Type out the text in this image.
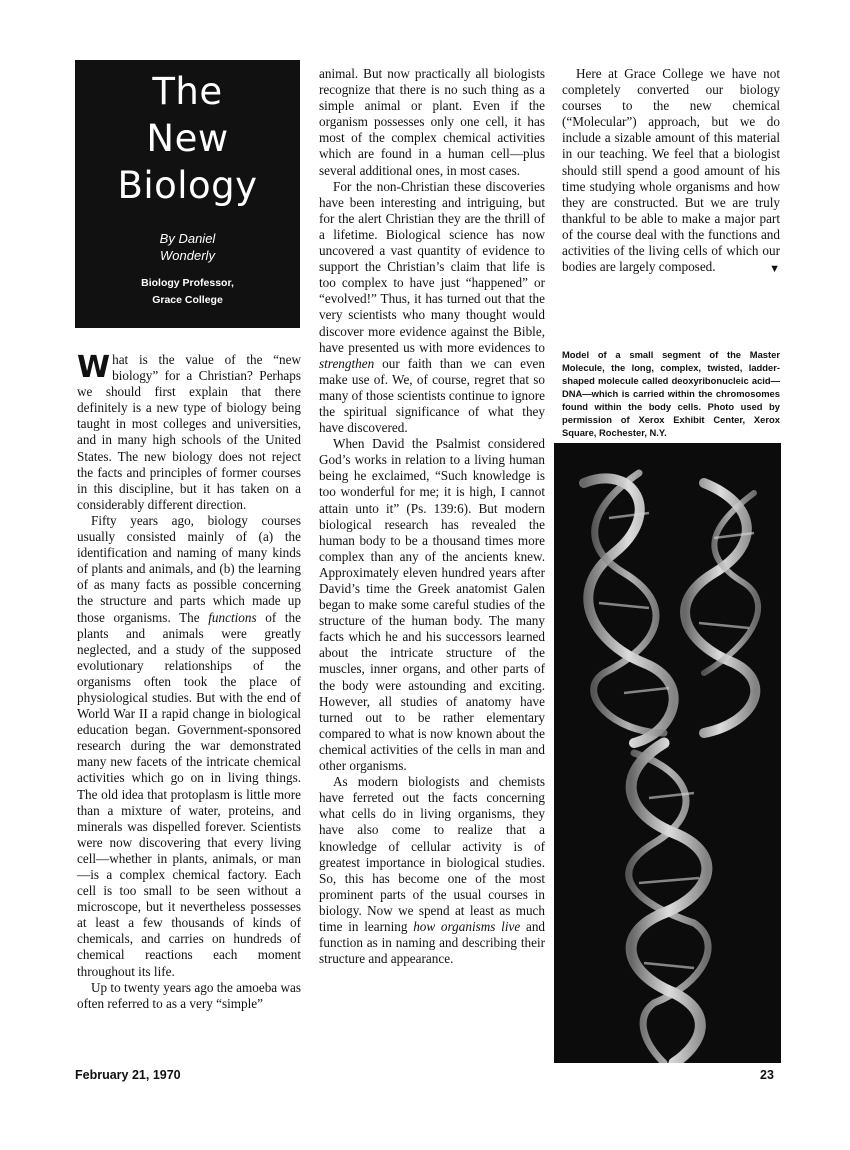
The
New
Biology
By Daniel
Wonderly
Biology Professor,
Grace College

What is the value of the “new biology” for a Christian? Perhaps we should first explain that there definitely is a new type of biology being taught in most colleges and universities, and in many high schools of the United States. The new biology does not reject the facts and principles of former courses in this discipline, but it has taken on a considerably different direction.

Fifty years ago, biology courses usually consisted mainly of (a) the identification and naming of many kinds of plants and animals, and (b) the learning of as many facts as possible concerning the structure and parts which made up those organisms. The functions of the plants and animals were greatly neglected, and a study of the supposed evolutionary relationships of the organisms often took the place of physiological studies. But with the end of World War II a rapid change in biological education began. Government-sponsored research during the war demonstrated many new facets of the intricate chemical activities which go on in living things. The old idea that protoplasm is little more than a mixture of water, proteins, and minerals was dispelled forever. Scientists were now discovering that every living cell—whether in plants, animals, or man—is a complex chemical factory. Each cell is too small to be seen without a microscope, but it nevertheless possesses at least a few thousands of kinds of chemicals, and carries on hundreds of chemical reactions each moment throughout its life.

Up to twenty years ago the amoeba was often referred to as a very “simple”

animal. But now practically all biologists recognize that there is no such thing as a simple animal or plant. Even if the organism possesses only one cell, it has most of the complex chemical activities which are found in a human cell—plus several additional ones, in most cases.

For the non-Christian these discoveries have been interesting and intriguing, but for the alert Christian they are the thrill of a lifetime. Biological science has now uncovered a vast quantity of evidence to support the Christian’s claim that life is too complex to have just “happened” or “evolved!” Thus, it has turned out that the very scientists who many thought would discover more evidence against the Bible, have presented us with more evidences to strengthen our faith than we can even make use of. We, of course, regret that so many of those scientists continue to ignore the spiritual significance of what they have discovered.

When David the Psalmist considered God’s works in relation to a living human being he exclaimed, “Such knowledge is too wonderful for me; it is high, I cannot attain unto it” (Ps. 139:6). But modern biological research has revealed the human body to be a thousand times more complex than any of the ancients knew. Approximately eleven hundred years after David’s time the Greek anatomist Galen began to make some careful studies of the structure of the human body. The many facts which he and his successors learned about the intricate structure of the muscles, inner organs, and other parts of the body were astounding and exciting. However, all studies of anatomy have turned out to be rather elementary compared to what is now known about the chemical activities of the cells in man and other organisms.

As modern biologists and chemists have ferreted out the facts concerning what cells do in living organisms, they have also come to realize that a knowledge of cellular activity is of greatest importance in biological studies. So, this has become one of the most prominent parts of the usual courses in biology. Now we spend at least as much time in learning how organisms live and function as in naming and describing their structure and appearance.

Here at Grace College we have not completely converted our biology courses to the new chemical (“Molecular”) approach, but we do include a sizable amount of this material in our teaching. We feel that a biologist should still spend a good amount of his time studying whole organisms and how they are constructed. But we are truly thankful to be able to make a major part of the course deal with the functions and activities of the living cells of which our bodies are largely composed.	▼

Model of a small segment of the Master Molecule, the long, complex, twisted, ladder-shaped molecule called deoxyribonucleic acid—DNA—which is carried within the chromosomes found within the body cells. Photo used by permission of Xerox Exhibit Center, Xerox Square, Rochester, N.Y.
February 21, 1970	23
